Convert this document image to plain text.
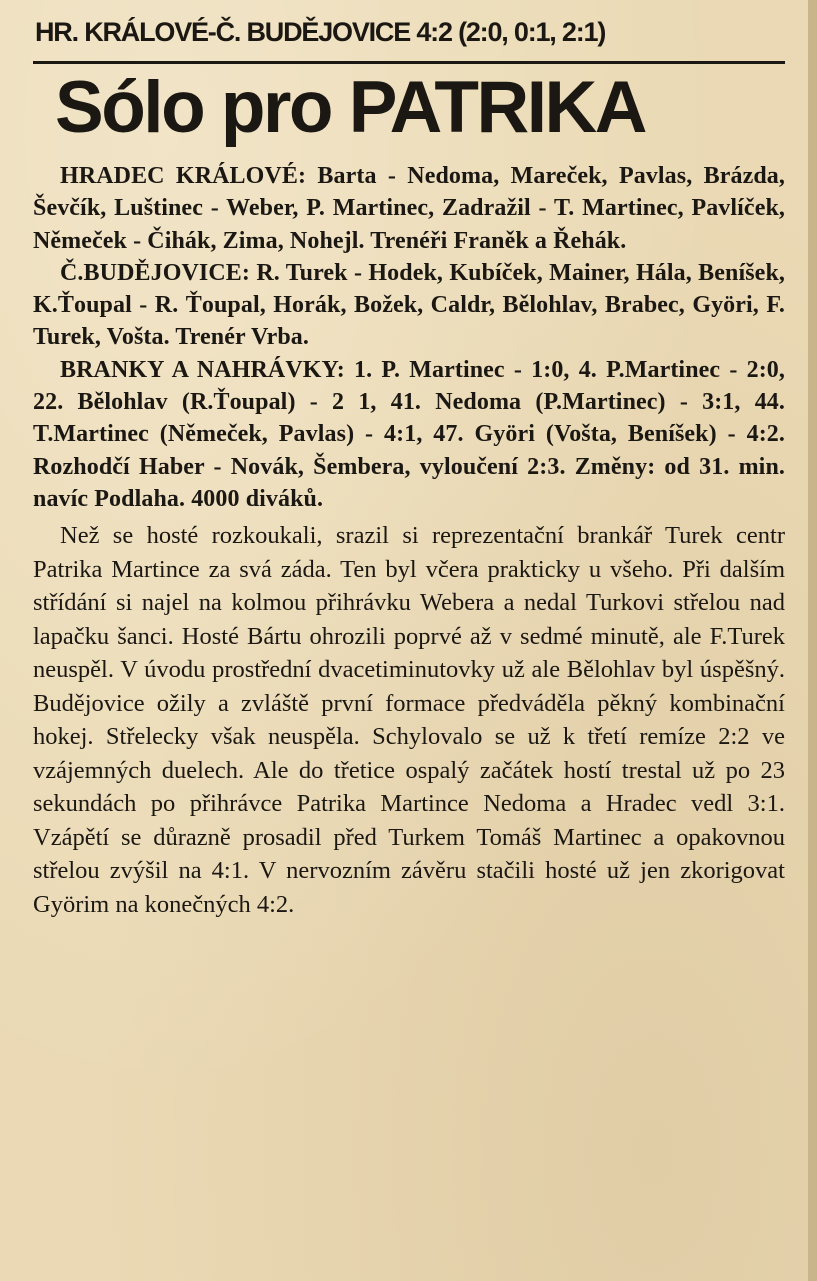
HR. KRÁLOVÉ-Č. BUDĚJOVICE 4:2 (2:0, 0:1, 2:1)
Sólo pro PATRIKA

HRADEC KRÁLOVÉ: Barta - Nedoma, Mareček, Pavlas, Brázda, Ševčík, Luštinec - Weber, P. Martinec, Zadražil - T. Martinec, Pavlíček, Němeček - Čihák, Zima, Nohejl. Trenéři Franěk a Řehák.

Č.BUDĚJOVICE: R. Turek - Hodek, Kubíček, Mainer, Hála, Beníšek, K.Ťoupal - R. Ťoupal, Horák, Božek, Caldr, Bělohlav, Brabec, Györi, F. Turek, Vošta. Trenér Vrba.

BRANKY A NAHRÁVKY: 1. P. Martinec - 1:0, 4. P.Martinec - 2:0, 22. Bělohlav (R.Ťoupal) - 2 1, 41. Nedoma (P.Martinec) - 3:1, 44. T.Martinec (Němeček, Pavlas) - 4:1, 47. Györi (Vošta, Beníšek) - 4:2. Rozhodčí Haber - Novák, Šembera, vyloučení 2:3. Změny: od 31. min. navíc Podlaha. 4000 diváků.

Než se hosté rozkoukali, srazil si reprezentační brankář Turek centr Patrika Martince za svá záda. Ten byl včera prakticky u všeho. Při dalším střídání si najel na kolmou přihrávku Webera a nedal Turkovi střelou nad lapačku šanci. Hosté Bártu ohrozili poprvé až v sedmé minutě, ale F.Turek neuspěl. V úvodu prostřední dvacetiminutovky už ale Bělohlav byl úspěšný. Budějovice ožily a zvláště první formace předváděla pěkný kombinační hokej. Střelecky však neuspěla. Schylovalo se už k třetí remíze 2:2 ve vzájemných duelech. Ale do třetice ospalý začátek hostí trestal už po 23 sekundách po přihrávce Patrika Martince Nedoma a Hradec vedl 3:1. Vzápětí se důrazně prosadil před Turkem Tomáš Martinec a opakovnou střelou zvýšil na 4:1. V nervozním závěru stačili hosté už jen zkorigovat Györim na konečných 4:2.
